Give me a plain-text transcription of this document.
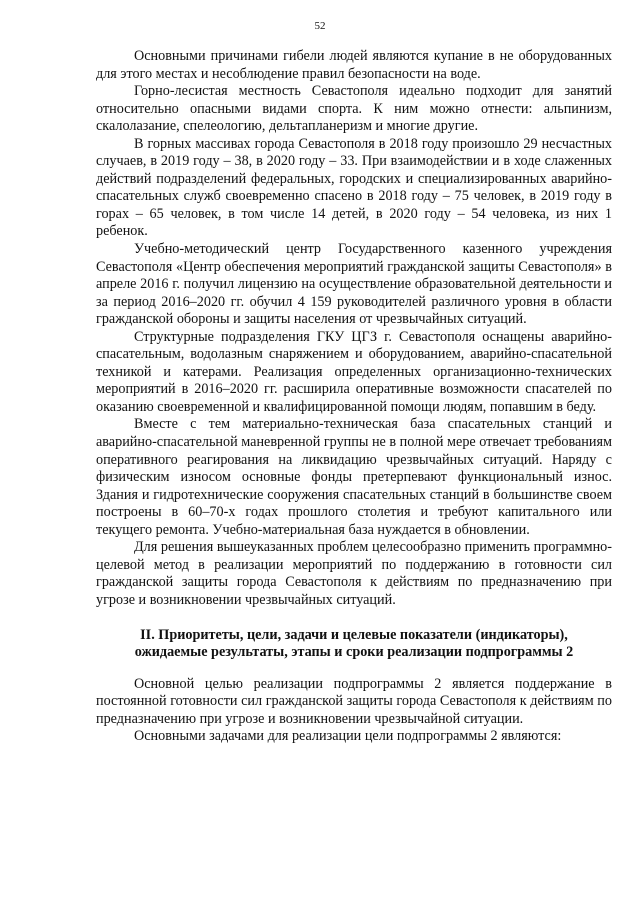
52

Основными причинами гибели людей являются купание в не оборудованных для этого местах и несоблюдение правил безопасности на воде.

Горно-лесистая местность Севастополя идеально подходит для занятий относительно опасными видами спорта. К ним можно отнести: альпинизм, скалолазание, спелеологию, дельтапланеризм и многие другие.

В горных массивах города Севастополя в 2018 году произошло 29 несчастных случаев, в 2019 году – 38, в 2020 году – 33. При взаимодействии и в ходе слаженных действий подразделений федеральных, городских и специализированных аварийно-спасательных служб своевременно спасено в 2018 году – 75 человек, в 2019 году в горах – 65 человек, в том числе 14 детей, в 2020 году – 54 человека, из них 1 ребенок.

Учебно-методический центр Государственного казенного учреждения Севастополя «Центр обеспечения мероприятий гражданской защиты Севастополя» в апреле 2016 г. получил лицензию на осуществление образовательной деятельности и за период 2016–2020 гг. обучил 4 159 руководителей различного уровня в области гражданской обороны и защиты населения от чрезвычайных ситуаций.

Структурные подразделения ГКУ ЦГЗ г. Севастополя оснащены аварийно-спасательным, водолазным снаряжением и оборудованием, аварийно-спасательной техникой и катерами. Реализация определенных организационно-технических мероприятий в 2016–2020 гг. расширила оперативные возможности спасателей по оказанию своевременной и квалифицированной помощи людям, попавшим в беду.

Вместе с тем материально-техническая база спасательных станций и аварийно-спасательной маневренной группы не в полной мере отвечает требованиям оперативного реагирования на ликвидацию чрезвычайных ситуаций. Наряду с физическим износом основные фонды претерпевают функциональный износ. Здания и гидротехнические сооружения спасательных станций в большинстве своем построены в 60–70-х годах прошлого столетия и требуют капитального или текущего ремонта. Учебно-материальная база нуждается в обновлении.

Для решения вышеуказанных проблем целесообразно применить программно-целевой метод в реализации мероприятий по поддержанию в готовности сил гражданской защиты города Севастополя к действиям по предназначению при угрозе и возникновении чрезвычайных ситуаций.

II. Приоритеты, цели, задачи и целевые показатели (индикаторы),
ожидаемые результаты, этапы и сроки реализации подпрограммы 2

Основной целью реализации подпрограммы 2 является поддержание в постоянной готовности сил гражданской защиты города Севастополя к действиям по предназначению при угрозе и возникновении чрезвычайной ситуации.

Основными задачами для реализации цели подпрограммы 2 являются:
